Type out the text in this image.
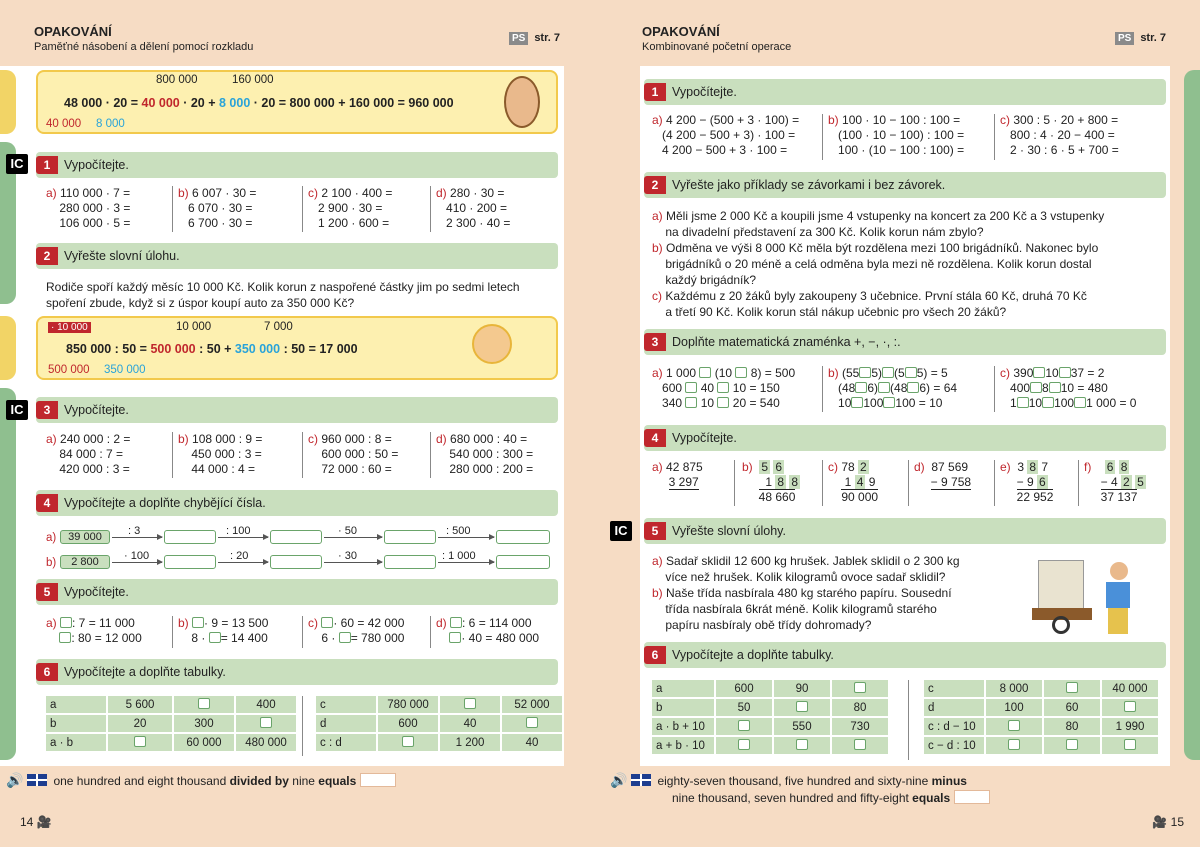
OPAKOVÁNÍ
Paměťné násobení a dělení pomocí rozkladu
PS str. 7
800 000	160 000
48 000 · 20 = 40 000 · 20 + 8 000 · 20 = 800 000 + 160 000 = 960 000
40 000 8 000
IC	1	Vypočítejte.
a) 110 000 · 7 =
280 000 · 3 =
106 000 · 5 =
b) 6 007 · 30 =
6 070 · 30 =
6 700 · 30 =
c) 2 100 · 400 =
2 900 · 30 =
1 200 · 600 =
d) 280 · 30 =
410 · 200 =
2 300 · 40 =
2	Vyřešte slovní úlohu.
Rodiče spoří každý měsíc 10 000 Kč. Kolik korun z naspořené částky jim po sedmi letech
spoření zbude, když si z úspor koupí auto za 350 000 Kč?
· 10 000	10 000	7 000
850 000 : 50 = 500 000 : 50 + 350 000 : 50 = 17 000
500 000 350 000
IC	3	Vypočítejte.
a) 240 000 : 2 =
84 000 : 7 =
420 000 : 3 =
b) 108 000 : 9 =
450 000 : 3 =
44 000 : 4 =
c) 960 000 : 8 =
600 000 : 50 =
72 000 : 60 =
d) 680 000 : 40 =
540 000 : 300 =
280 000 : 200 =
4	Vypočítejte a doplňte chybějící čísla.
a)	39 000	: 3	: 100	· 50	: 500
b)	2 800	· 100	: 20	· 30	: 1 000
5	Vypočítejte.
a) : 7 = 11 000
: 80 = 12 000
b) · 9 = 13 500
8 · = 14 400
c) · 60 = 42 000
6 · = 780 000
d) : 6 = 114 000
· 40 = 480 000
6	Vypočítejte a doplňte tabulky.
a	5 600		400
b	20	300	
a · b		60 000	480 000
c	780 000		52 000
d	600	40	
c : d		1 200	40
🔊	one hundred and eight thousand divided by nine equals
14 🎥
OPAKOVÁNÍ
Kombinované početní operace
PS str. 7
1	Vypočítejte.
a) 4 200 − (500 + 3 · 100) =
(4 200 − 500 + 3) · 100 =
4 200 − 500 + 3 · 100 =
b) 100 · 10 − 100 : 100 =
(100 · 10 − 100) : 100 =
100 · (10 − 100 : 100) =
c) 300 : 5 · 20 + 800 =
800 : 4 · 20 − 400 =
2 · 30 : 6 · 5 + 700 =
2	Vyřešte jako příklady se závorkami i bez závorek.
a) Měli jsme 2 000 Kč a koupili jsme 4 vstupenky na koncert za 200 Kč a 3 vstupenky
na divadelní představení za 300 Kč. Kolik korun nám zbylo?
b) Odměna ve výši 8 000 Kč měla být rozdělena mezi 100 brigádníků. Nakonec bylo
brigádníků o 20 méně a celá odměna byla mezi ně rozdělena. Kolik korun dostal
každý brigádník?
c) Každému z 20 žáků byly zakoupeny 3 učebnice. První stála 60 Kč, druhá 70 Kč
a třetí 90 Kč. Kolik korun stál nákup učebnic pro všech 20 žáků?
3	Doplňte matematická znaménka +, −, ·, :.
a) 1 000 (10 8) = 500
600 40 10 = 150
340 10 20 = 540
b) (55 5) (5 5) = 5
(48 6) (48 6) = 64
10 100 100 = 10
c) 390 10 37 = 2
400 8 10 = 480
1 10 100 1 000 = 0
4	Vypočítejte.
a) 42 875
3 297
b) 5 6
1 8 8
48 660
c) 78 2
1 4 9
90 000
d) 87 569
− 9 758
e) 3 8 7
− 9 6
22 952
f) 6 8
− 4 2 5
37 137
IC	5	Vyřešte slovní úlohy.
a) Sadař sklidil 12 600 kg hrušek. Jablek sklidil o 2 300 kg
více než hrušek. Kolik kilogramů ovoce sadař sklidil?
b) Naše třída nasbírala 480 kg starého papíru. Sousední
třída nasbírala 6krát méně. Kolik kilogramů starého
papíru nasbíraly obě třídy dohromady?
6	Vypočítejte a doplňte tabulky.
a	600	90	
b	50		80
a · b + 10		550	730
a + b · 10			
c	8 000		40 000
d	100	60	
c : d − 10		80	1 990
c − d : 10			
🔊	eighty-seven thousand, five hundred and sixty-nine minus
nine thousand, seven hundred and fifty-eight equals
🎥 15
